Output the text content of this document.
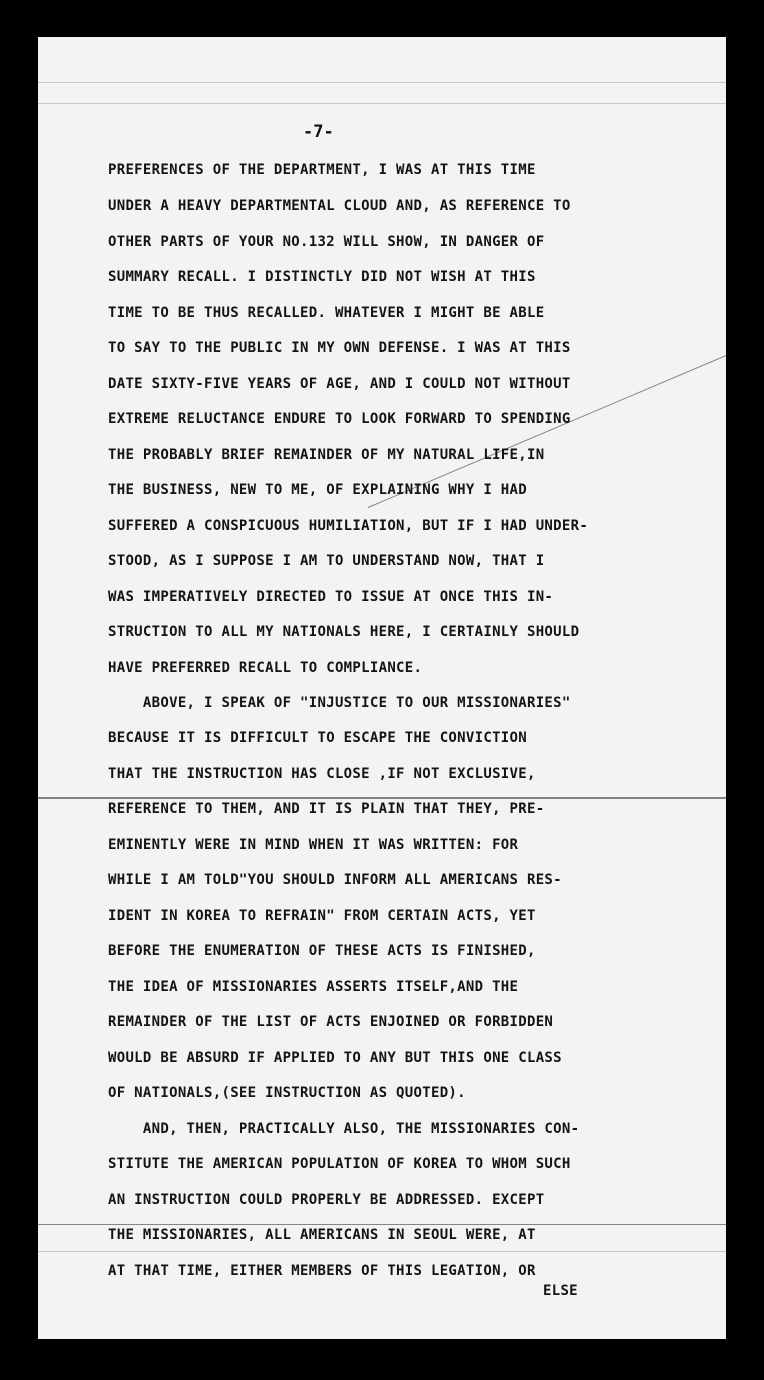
-7-
PREFERENCES OF THE DEPARTMENT, I WAS AT THIS TIME
UNDER A HEAVY DEPARTMENTAL CLOUD AND, AS REFERENCE TO
OTHER PARTS OF YOUR NO.132 WILL SHOW, IN DANGER OF
SUMMARY RECALL. I DISTINCTLY DID NOT WISH AT THIS
TIME TO BE THUS RECALLED. WHATEVER I MIGHT BE ABLE
TO SAY TO THE PUBLIC IN MY OWN DEFENSE. I WAS AT THIS
DATE SIXTY-FIVE YEARS OF AGE, AND I COULD NOT WITHOUT
EXTREME RELUCTANCE ENDURE TO LOOK FORWARD TO SPENDING
THE PROBABLY BRIEF REMAINDER OF MY NATURAL LIFE,IN
THE BUSINESS, NEW TO ME, OF EXPLAINING WHY I HAD
SUFFERED A CONSPICUOUS HUMILIATION, BUT IF I HAD UNDER-
STOOD, AS I SUPPOSE I AM TO UNDERSTAND NOW, THAT I
WAS IMPERATIVELY DIRECTED TO ISSUE AT ONCE THIS IN-
STRUCTION TO ALL MY NATIONALS HERE, I CERTAINLY SHOULD
HAVE PREFERRED RECALL TO COMPLIANCE.
ABOVE, I SPEAK OF "INJUSTICE TO OUR MISSIONARIES"
BECAUSE IT IS DIFFICULT TO ESCAPE THE CONVICTION
THAT THE INSTRUCTION HAS CLOSE ,IF NOT EXCLUSIVE,
REFERENCE TO THEM, AND IT IS PLAIN THAT THEY, PRE-
EMINENTLY WERE IN MIND WHEN IT WAS WRITTEN: FOR
WHILE I AM TOLD"YOU SHOULD INFORM ALL AMERICANS RES-
IDENT IN KOREA TO REFRAIN" FROM CERTAIN ACTS, YET
BEFORE THE ENUMERATION OF THESE ACTS IS FINISHED,
THE IDEA OF MISSIONARIES ASSERTS ITSELF,AND THE
REMAINDER OF THE LIST OF ACTS ENJOINED OR FORBIDDEN
WOULD BE ABSURD IF APPLIED TO ANY BUT THIS ONE CLASS
OF NATIONALS,(SEE INSTRUCTION AS QUOTED).
AND, THEN, PRACTICALLY ALSO, THE MISSIONARIES CON-
STITUTE THE AMERICAN POPULATION OF KOREA TO WHOM SUCH
AN INSTRUCTION COULD PROPERLY BE ADDRESSED. EXCEPT
THE MISSIONARIES, ALL AMERICANS IN SEOUL WERE, AT
AT THAT TIME, EITHER MEMBERS OF THIS LEGATION, OR
ELSE
